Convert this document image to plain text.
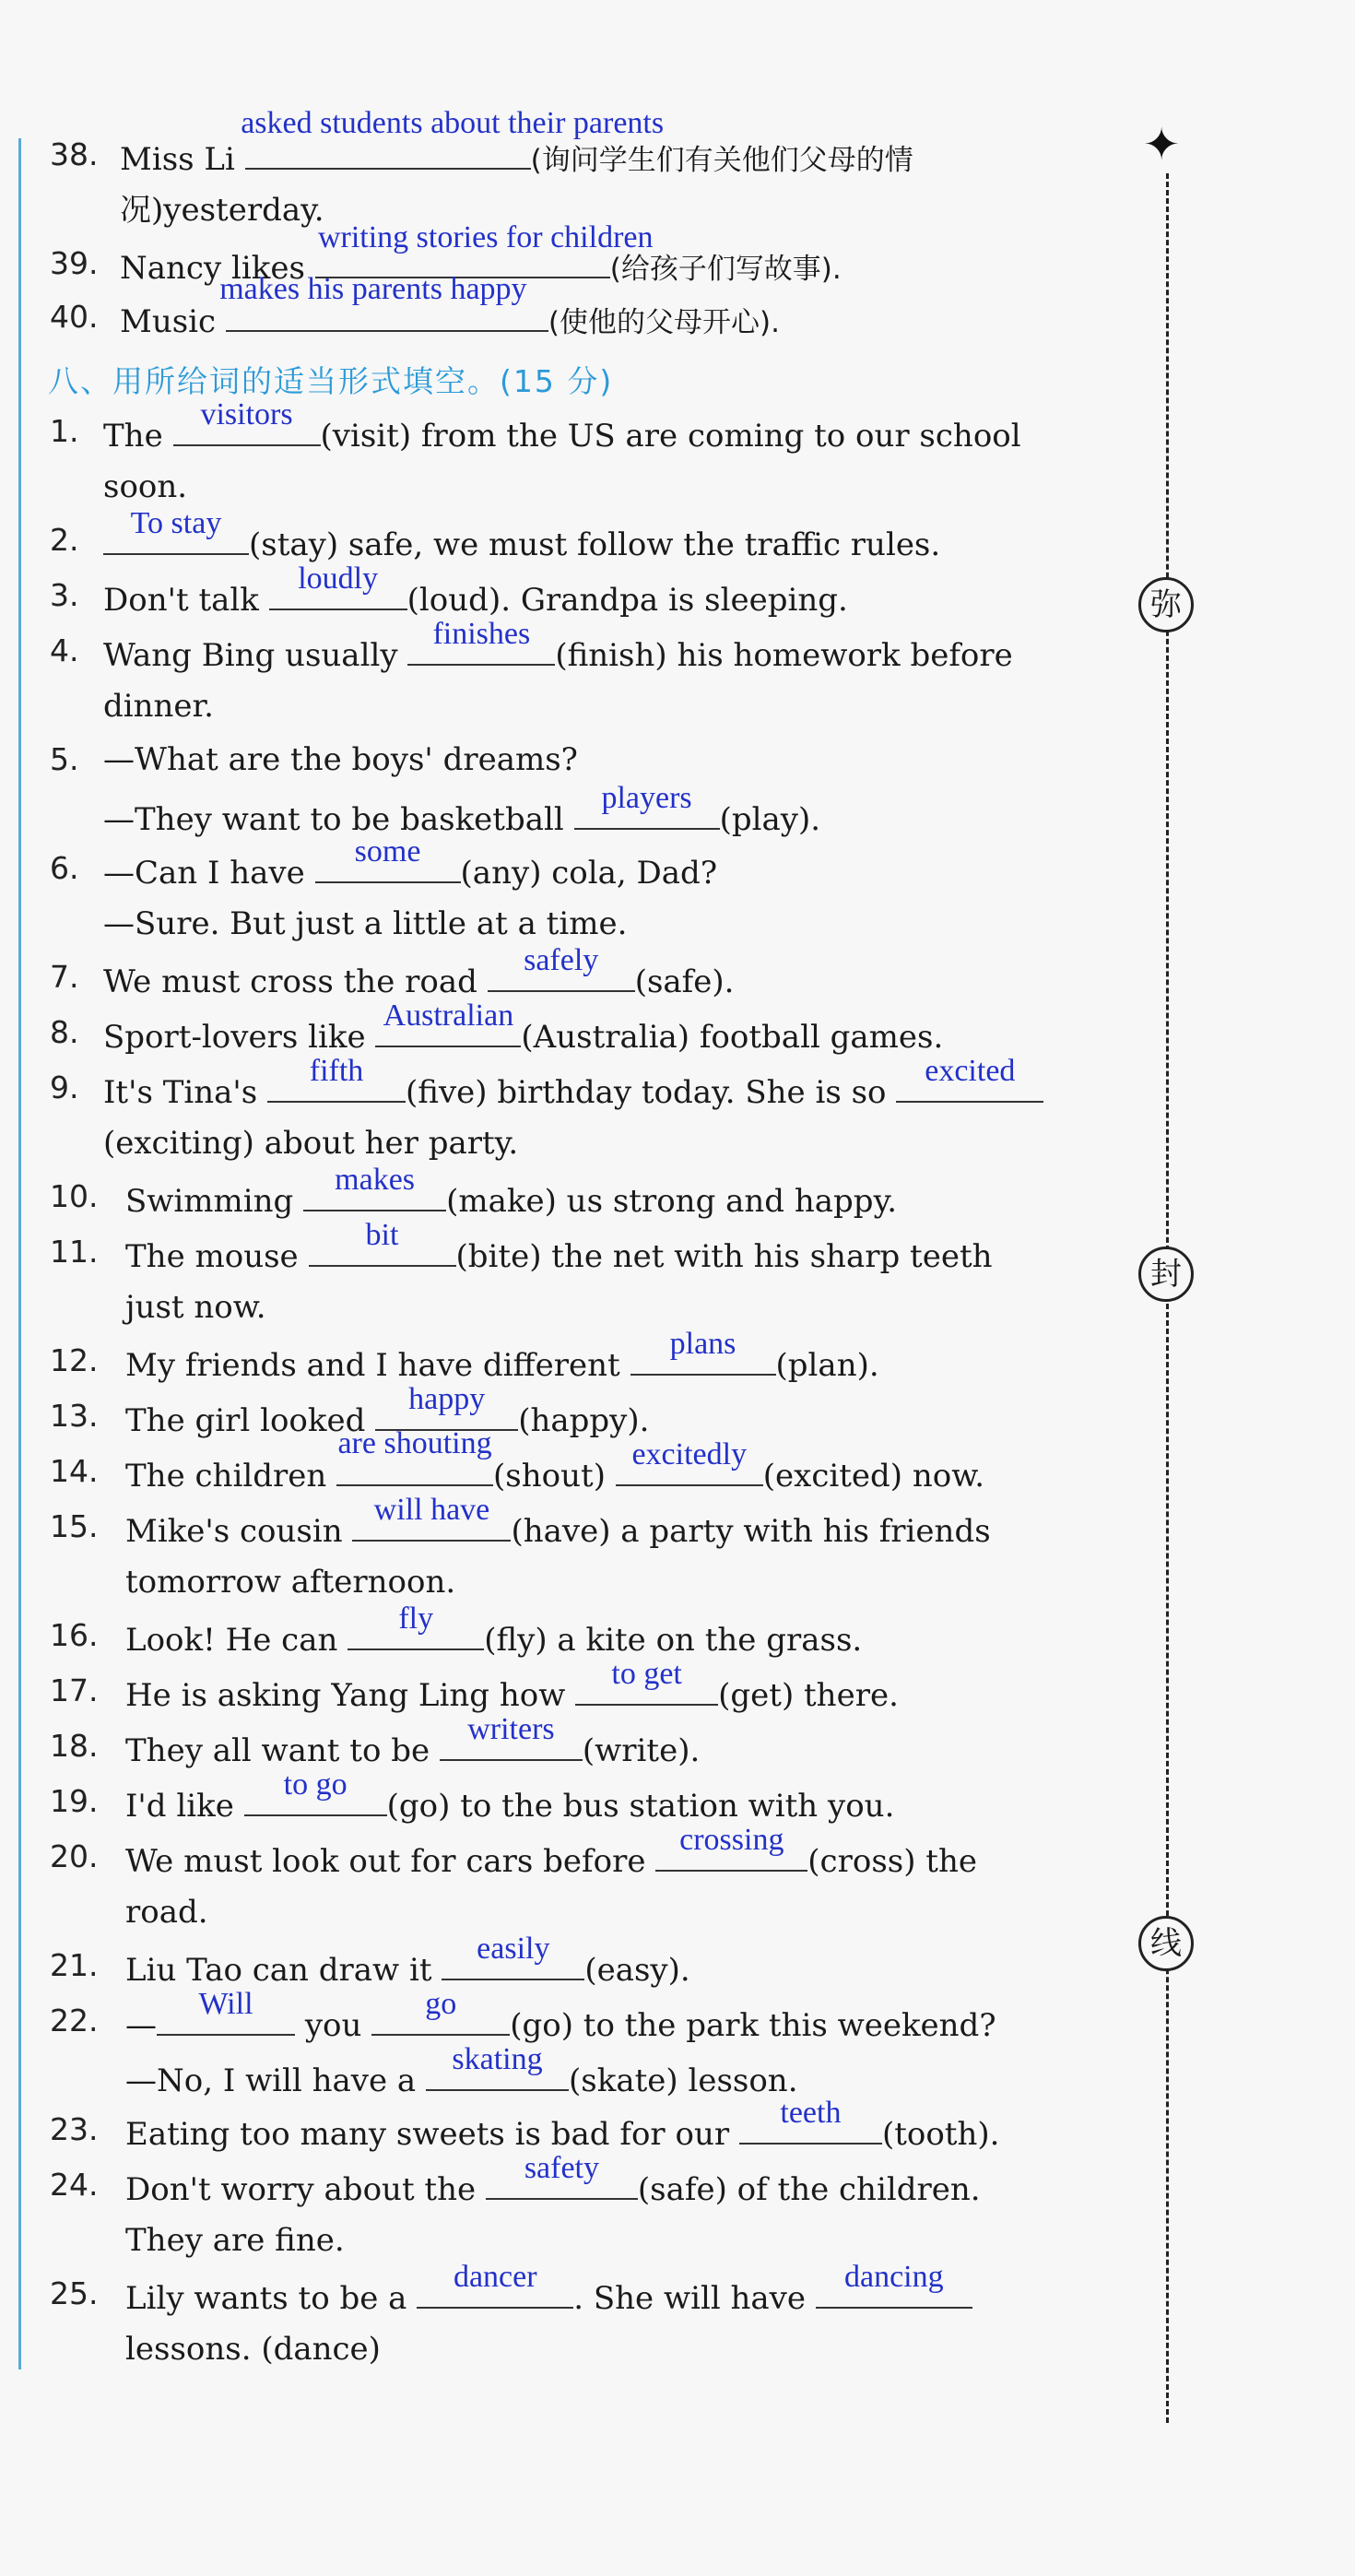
✦
弥
封
线
38. Miss Li
asked students about their parents
(询问学生们有关他们父母的情
况)yesterday.
39. Nancy likes
writing stories for children
(给孩子们写故事).
40. Music
makes his parents happy
(使他的父母开心).
八、用所给词的适当形式填空。(15 分)
1. The
visitors
(visit) from the US are coming to our school
soon.
2.	To stay
(stay) safe, we must follow the traffic rules.
3. Don't talk
loudly
(loud). Grandpa is sleeping.
4. Wang Bing usually
finishes
(finish) his homework before
dinner.
5. —What are the boys' dreams?
—They want to be basketball
players
(play).
6. —Can I have
some
(any) cola, Dad?
—Sure. But just a little at a time.
7. We must cross the road
safely
(safe).
8. Sport-lovers like
Australian
(Australia) football games.
9. It's Tina's
fifth
(five) birthday today. She is so
excited
(exciting) about her party.
10. Swimming
makes
(make) us strong and happy.
11. The mouse
bit
(bite) the net with his sharp teeth
just now.
12. My friends and I have different
plans
(plan).
13. The girl looked
happy
(happy).
14. The children
are shouting
(shout)
excitedly
(excited) now.
15. Mike's cousin
will have
(have) a party with his friends
tomorrow afternoon.
16. Look! He can
fly
(fly) a kite on the grass.
17. He is asking Yang Ling how
to get
(get) there.
18. They all want to be
writers
(write).
19. I'd like
to go
(go) to the bus station with you.
20. We must look out for cars before
crossing
(cross) the
road.
21. Liu Tao can draw it
easily
(easy).
22. —
Will
you
go
(go) to the park this weekend?
—No, I will have a
skating
(skate) lesson.
23. Eating too many sweets is bad for our
teeth
(tooth).
24. Don't worry about the
safety
(safe) of the children.
They are fine.
25. Lily wants to be a
dancer
. She will have
dancing
lessons. (dance)
